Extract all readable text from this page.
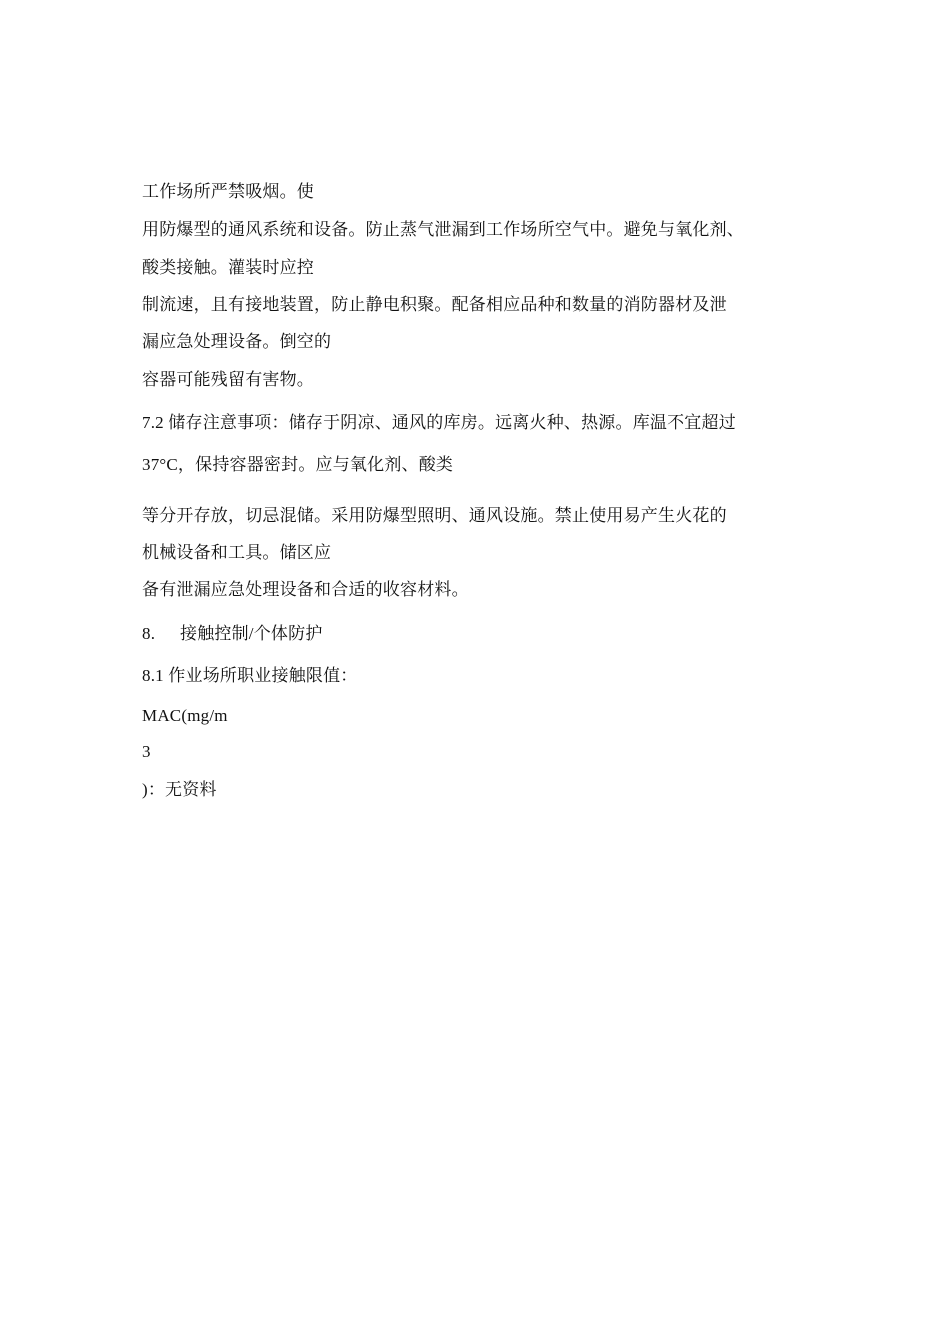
工作场所严禁吸烟。使
用防爆型的通风系统和设备。防止蒸气泄漏到工作场所空气中。避免与氧化剂、
酸类接触。灌装时应控
制流速，且有接地装置，防止静电积聚。配备相应品种和数量的消防器材及泄
漏应急处理设备。倒空的
容器可能残留有害物。
7.2 储存注意事项：储存于阴凉、通风的库房。远离火种、热源。库温不宜超过
37°C，保持容器密封。应与氧化剂、酸类
等分开存放，切忌混储。采用防爆型照明、通风设施。禁止使用易产生火花的
机械设备和工具。储区应
备有泄漏应急处理设备和合适的收容材料。
8. 接触控制/个体防护
8.1 作业场所职业接触限值：
MAC(mg/m
3
)：无资料
